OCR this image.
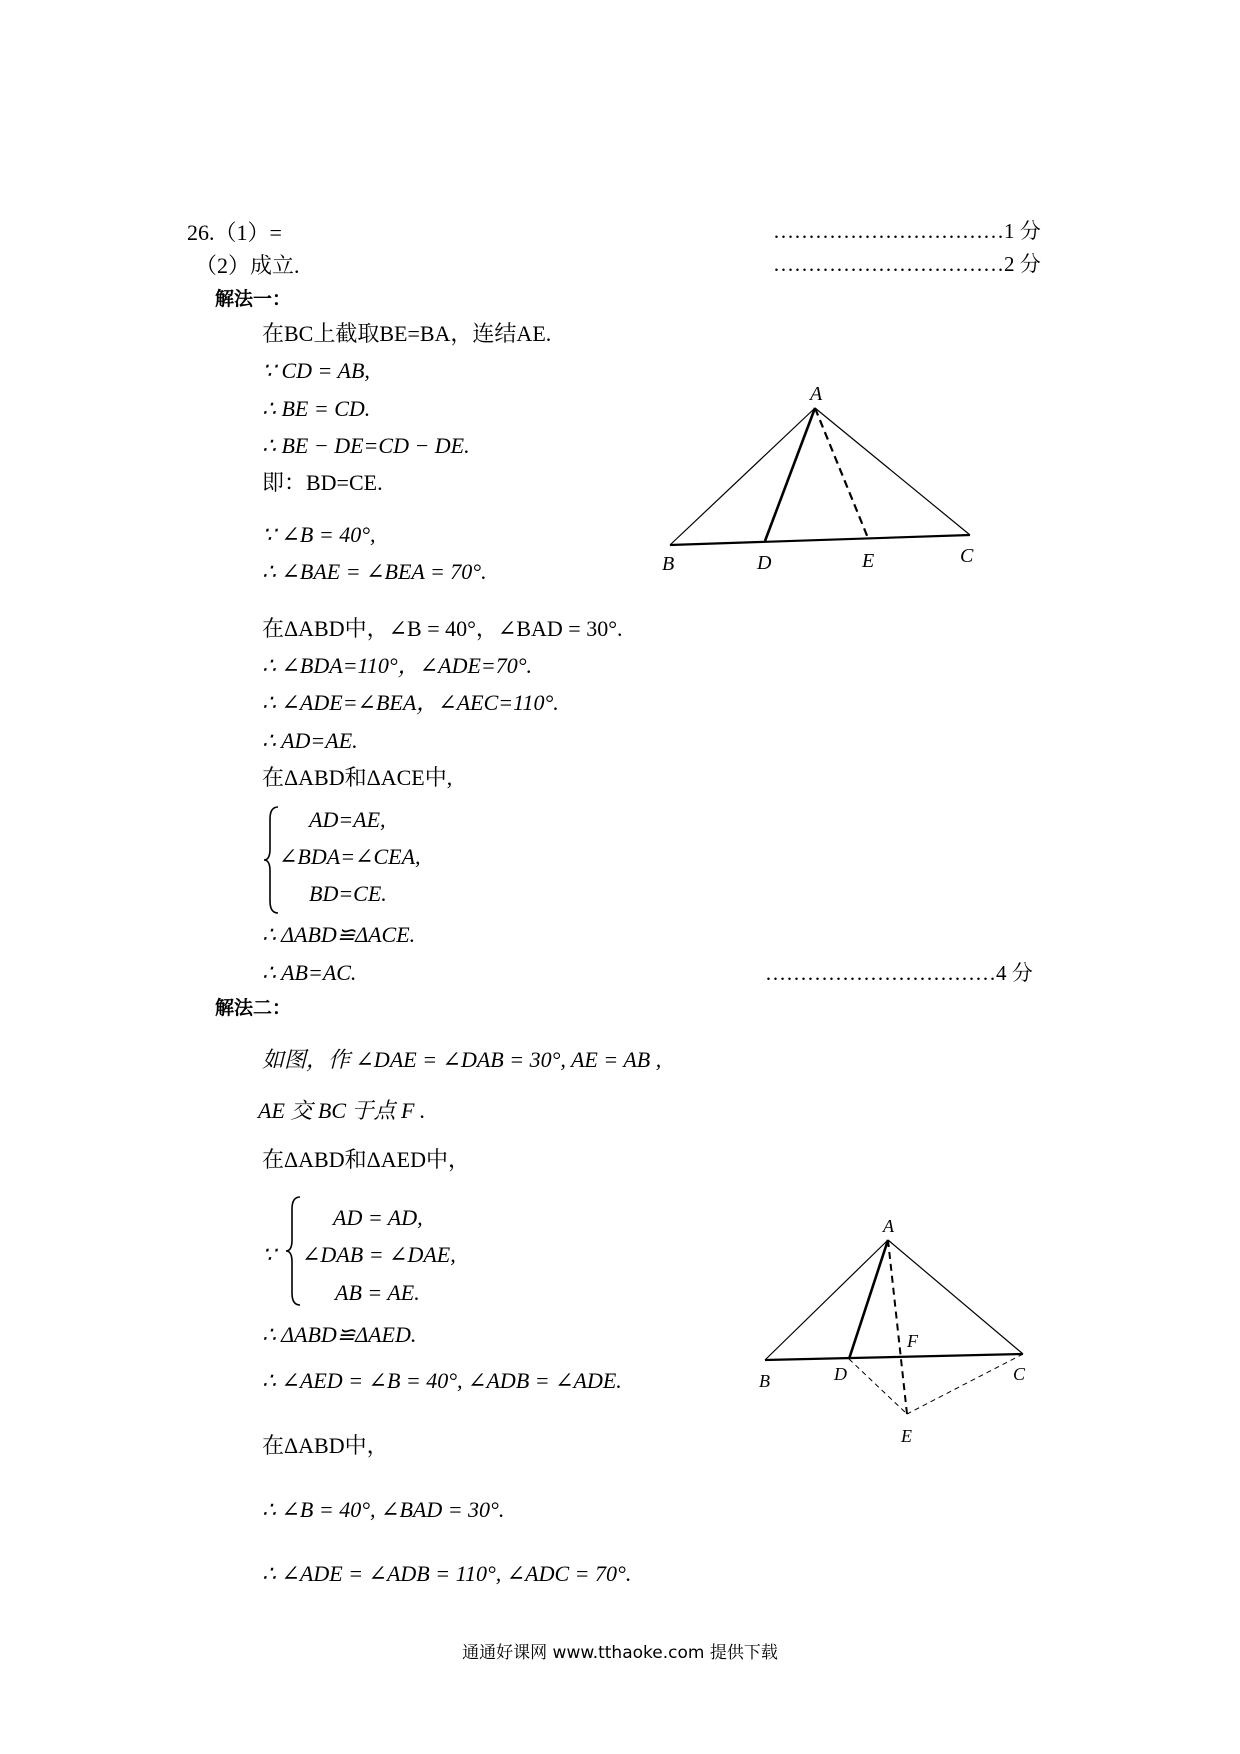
26.（1）=	……………………………1 分
（2）成立.	……………………………2 分
解法一：
在BC上截取BE=BA，连结AE.
∵ CD = AB,
∴ BE = CD.
∴ BE − DE=CD − DE.
即：BD=CE.
∵ ∠B = 40°,
∴ ∠BAE = ∠BEA = 70°.
在ΔABD中，∠B = 40°，∠BAD = 30°.
∴ ∠BDA=110°，∠ADE=70°.
∴ ∠ADE=∠BEA，∠AEC=110°.
∴ AD=AE.
在ΔABD和ΔACE中,
AD=AE,
∠BDA=∠CEA,
BD=CE.
∴ ΔABD≌ΔACE.
∴ AB=AC.	……………………………4 分
A
B	D	E	C
解法二：
如图，作 ∠DAE = ∠DAB = 30°, AE = AB ,
AE 交 BC 于点 F .
在ΔABD和ΔAED中，
∵
AD = AD,
∠DAB = ∠DAE,
AB = AE.
∴ ΔABD≌ΔAED.
∴ ∠AED = ∠B = 40°, ∠ADB = ∠ADE.
在ΔABD中，
∴ ∠B = 40°, ∠BAD = 30°.
∴ ∠ADE = ∠ADB = 110°, ∠ADC = 70°.
A
B	D
F
C
E
通通好课网 www.tthaoke.com 提供下载
